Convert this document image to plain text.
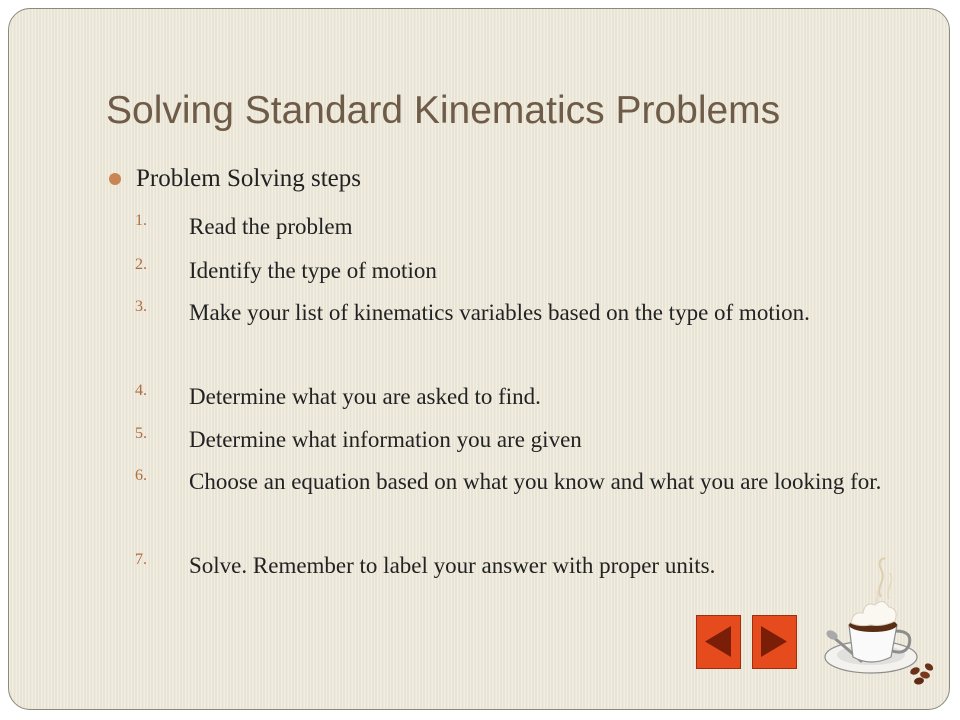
Solving Standard Kinematics Problems
Problem Solving steps
1. Read the problem
2. Identify the type of motion
3. Make your list of kinematics variables based on the type of motion.
4. Determine what you are asked to find.
5. Determine what information you are given
6. Choose an equation based on what you know and what you are looking for.
7. Solve. Remember to label your answer with proper units.
